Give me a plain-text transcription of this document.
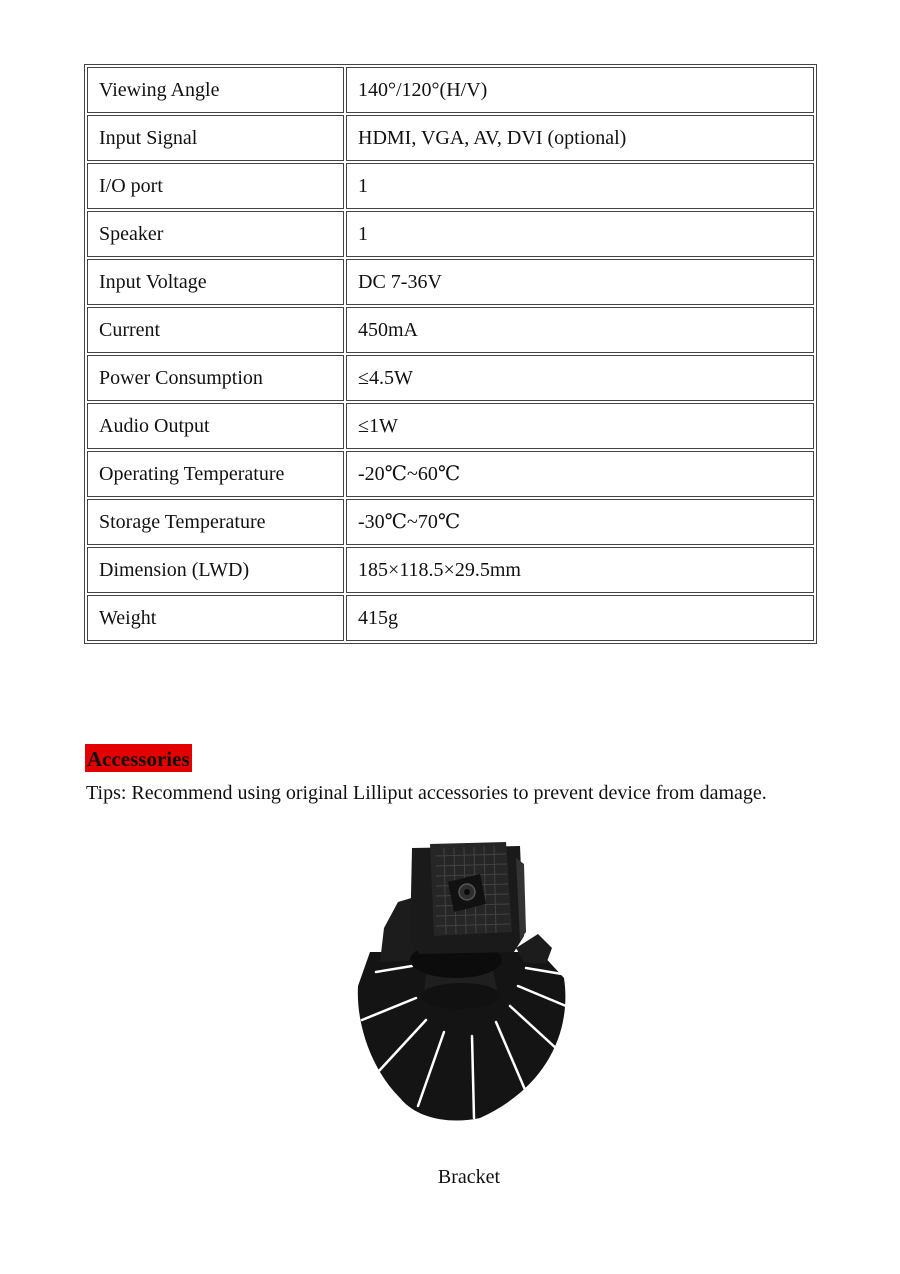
Viewing Angle	140°/120°(H/V)
Input Signal	HDMI, VGA, AV, DVI (optional)
I/O port	1
Speaker	1
Input Voltage	DC 7-36V
Current	450mA
Power Consumption	≤4.5W
Audio Output	≤1W
Operating Temperature	-20℃~60℃
Storage Temperature	-30℃~70℃
Dimension (LWD)	185×118.5×29.5mm
Weight	415g
Accessories
Tips: Recommend using original Lilliput accessories to prevent device from damage.
Bracket
